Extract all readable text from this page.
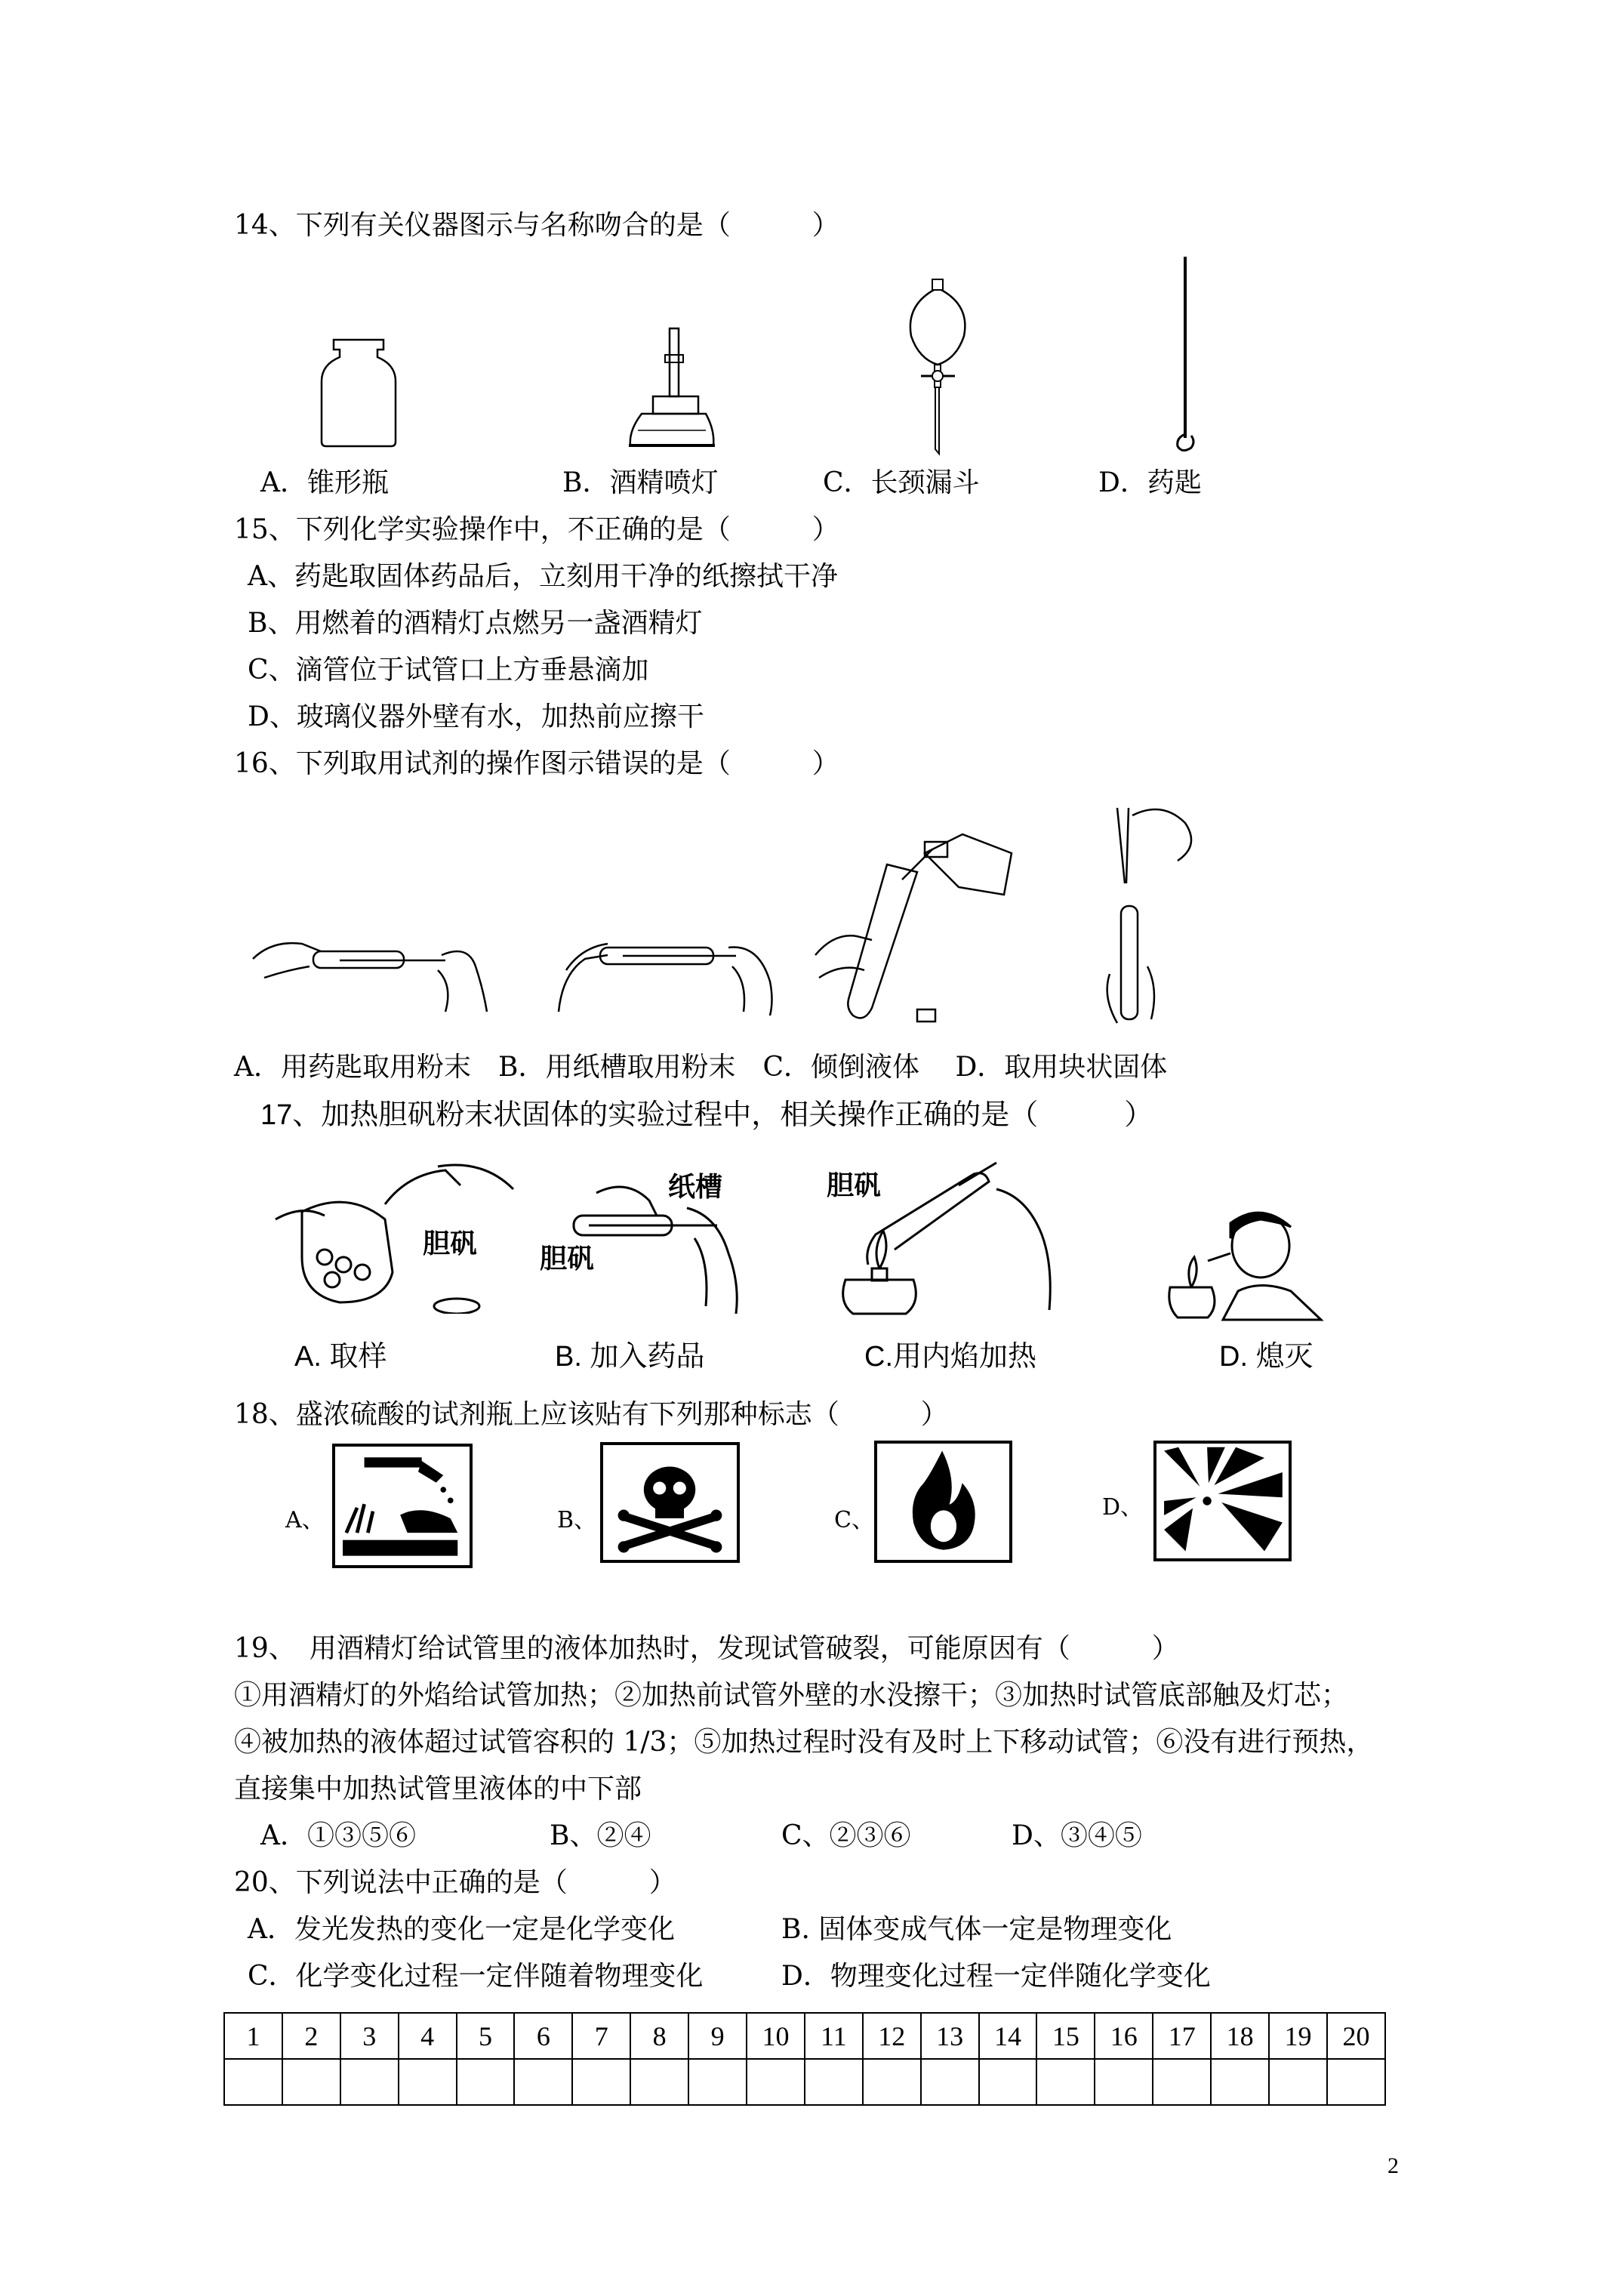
14、下列有关仪器图示与名称吻合的是（　　　）
A．锥形瓶	B．酒精喷灯	C．长颈漏斗	D．药匙
15、下列化学实验操作中，不正确的是（　　　）
A、药匙取固体药品后，立刻用干净的纸擦拭干净
B、用燃着的酒精灯点燃另一盏酒精灯
C、滴管位于试管口上方垂悬滴加
D、玻璃仪器外壁有水，加热前应擦干
16、下列取用试剂的操作图示错误的是（　　　）
A．用药匙取用粉末　B．用纸槽取用粉末　C．倾倒液体　 D．取用块状固体
17、加热胆矾粉末状固体的实验过程中，相关操作正确的是（　　　）
胆矾
纸槽
胆矾
胆矾
A. 取样	B. 加入药品	C.用内焰加热	D. 熄灭
18、盛浓硫酸的试剂瓶上应该贴有下列那种标志（　　　）
A、	B、	C、	D、
19、　用酒精灯给试管里的液体加热时，发现试管破裂，可能原因有（　　　）
①用酒精灯的外焰给试管加热；②加热前试管外壁的水没擦干；③加热时试管底部触及灯芯；
④被加热的液体超过试管容积的 1/3；⑤加热过程时没有及时上下移动试管；⑥没有进行预热，
直接集中加热试管里液体的中下部
A．①③⑤⑥	B、②④	C、②③⑥	D、③④⑤
20、下列说法中正确的是（　　　）
A．发光发热的变化一定是化学变化	B. 固体变成气体一定是物理变化
C．化学变化过程一定伴随着物理变化	D．物理变化过程一定伴随化学变化
1	2	3	4	5	6	7	8	9	10	11	12	13	14	15	16	17	18	19	20

2
